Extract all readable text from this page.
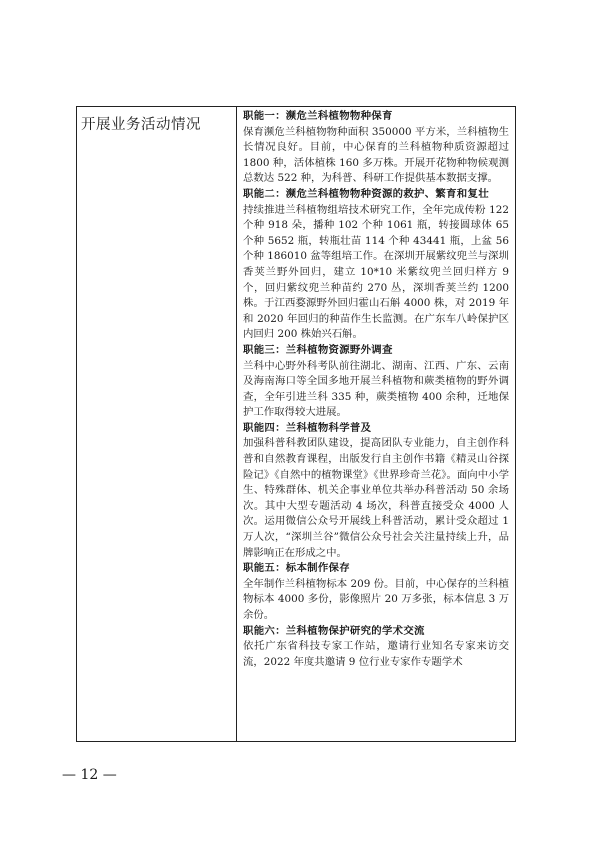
开展业务活动情况

职能一：濒危兰科植物物种保育

保育濒危兰科植物物种面积 350000 平方米，兰科植物生长情况良好。目前，中心保育的兰科植物种质资源超过 1800 种，活体植株 160 多万株。开展开花物种物候观测总数达 522 种，为科普、科研工作提供基本数据支撑。

职能二：濒危兰科植物物种资源的救护、繁育和复壮

持续推进兰科植物组培技术研究工作，全年完成传粉 122 个种 918 朵，播种 102 个种 1061 瓶，转接圆球体 65 个种 5652 瓶，转瓶壮苗 114 个种 43441 瓶，上盆 56 个种 186010 盆等组培工作。在深圳开展紫纹兜兰与深圳香荚兰野外回归，建立 10*10 米紫纹兜兰回归样方 9 个，回归紫纹兜兰种苗约 270 丛，深圳香荚兰约 1200 株。于江西婺源野外回归霍山石斛 4000 株，对 2019 年和 2020 年回归的种苗作生长监测。在广东车八岭保护区内回归 200 株始兴石斛。

职能三：兰科植物资源野外调查

兰科中心野外科考队前往湖北、湖南、江西、广东、云南及海南海口等全国多地开展兰科植物和蕨类植物的野外调查，全年引进兰科 335 种，蕨类植物 400 余种，迁地保护工作取得较大进展。

职能四：兰科植物科学普及

加强科普科教团队建设，提高团队专业能力，自主创作科普和自然教育课程，出版发行自主创作书籍《精灵山谷探险记》《自然中的植物课堂》《世界珍奇兰花》。面向中小学生、特殊群体、机关企事业单位共举办科普活动 50 余场次。其中大型专题活动 4 场次，科普直接受众 4000 人次。运用微信公众号开展线上科普活动，累计受众超过 1 万人次，“深圳兰谷”微信公众号社会关注量持续上升，品牌影响正在形成之中。

职能五：标本制作保存

全年制作兰科植物标本 209 份。目前，中心保存的兰科植物标本 4000 多份，影像照片 20 万多张，标本信息 3 万余份。

职能六：兰科植物保护研究的学术交流

依托广东省科技专家工作站，邀请行业知名专家来访交流，2022 年度共邀请 9 位行业专家作专题学术

— 12 —
